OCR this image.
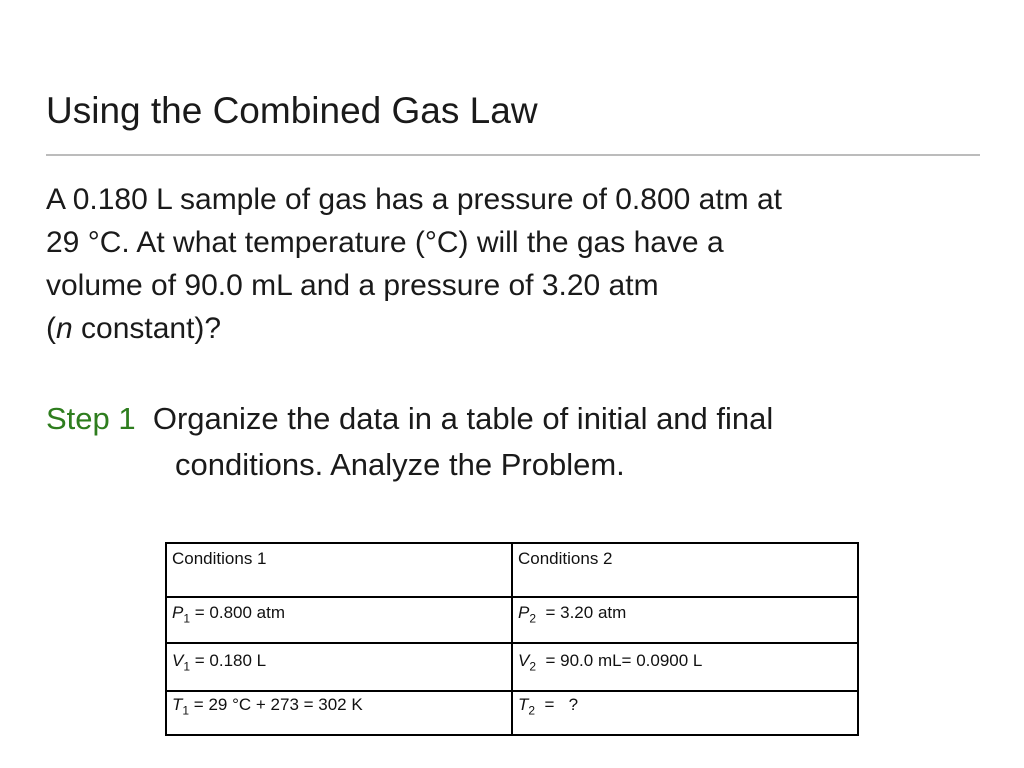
Using the Combined Gas Law
A 0.180 L sample of gas has a pressure of 0.800 atm at
29 °C. At what temperature (°C) will the gas have a
volume of 90.0 mL and a pressure of 3.20 atm
(n constant)?
Step 1 Organize the data in a table of initial and final
conditions. Analyze the Problem.
Conditions 1	Conditions 2
$P_1 = 0.800$ atm	$P_2 = 3.20$ atm
$V_1 = 0.180$ L	$V_2 = 90.0$ mL= 0.0900 L
$T_1 = 29$ °C + 273 = 302 K	$T_2$  =   ?
